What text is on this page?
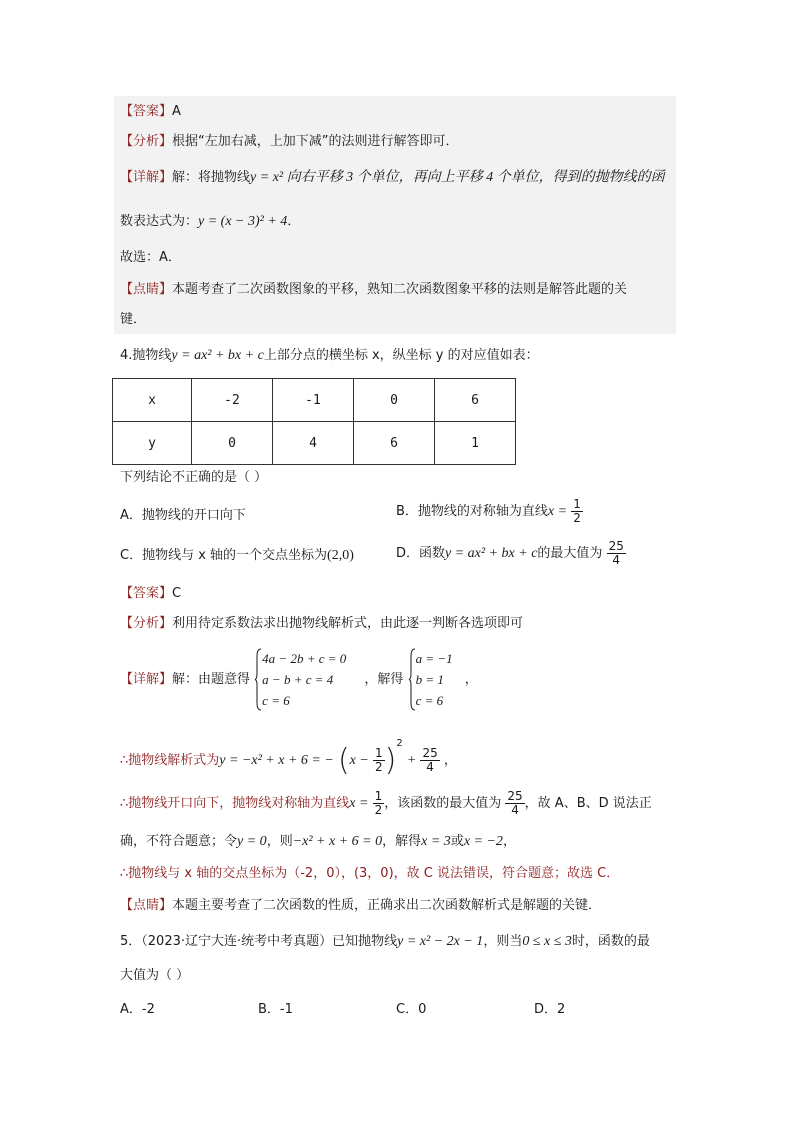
【答案】A
【分析】根据“左加右减，上加下减”的法则进行解答即可．
【详解】解：将抛物线y = x² 向右平移 3 个单位，再向上平移 4 个单位，得到的抛物线的函
数表达式为：y = (x − 3)² + 4．
故选：A．
【点睛】本题考查了二次函数图象的平移，熟知二次函数图象平移的法则是解答此题的关
键．
4.抛物线y = ax² + bx + c上部分点的横坐标 x，纵坐标 y 的对应值如表：
x	-2	-1	0	6
y	0	4	6	1
下列结论不正确的是（ ）
A．抛物线的开口向下	B．抛物线的对称轴为直线$x = \frac{1}{2}$
C．抛物线与 x 轴的一个交点坐标为(2,0)	D．函数y = ax² + bx + c的最大值为 $\frac{25}{4}$
【答案】C
【分析】利用待定系数法求出抛物线解析式，由此逐一判断各选项即可
【详解】解：由题意得
4a − 2b + c = 0
a − b + c = 4
c = 6
，解得
a = −1
b = 1
c = 6
，
∴抛物线解析式为y = −x² + x + 6 = − $(x - \frac{1}{2} )^2 + \frac{25}{4}$ ，
∴抛物线开口向下，抛物线对称轴为直线$x = \frac{1}{2}$ ，该函数的最大值为 $\frac{25}{4}$ ，故 A、B、D 说法正
确，不符合题意；令y = 0，则−x² + x + 6 = 0，解得x = 3或x = −2，
∴抛物线与 x 轴的交点坐标为（-2，0），(3，0)，故 C 说法错误，符合题意；故选 C．
【点睛】本题主要考查了二次函数的性质，正确求出二次函数解析式是解题的关键．
5．（2023·辽宁大连·统考中考真题）已知抛物线y = x² − 2x − 1，则当0 ≤ x ≤ 3时，函数的最
大值为（ ）
A．-2	B．-1	C．0	D．2
